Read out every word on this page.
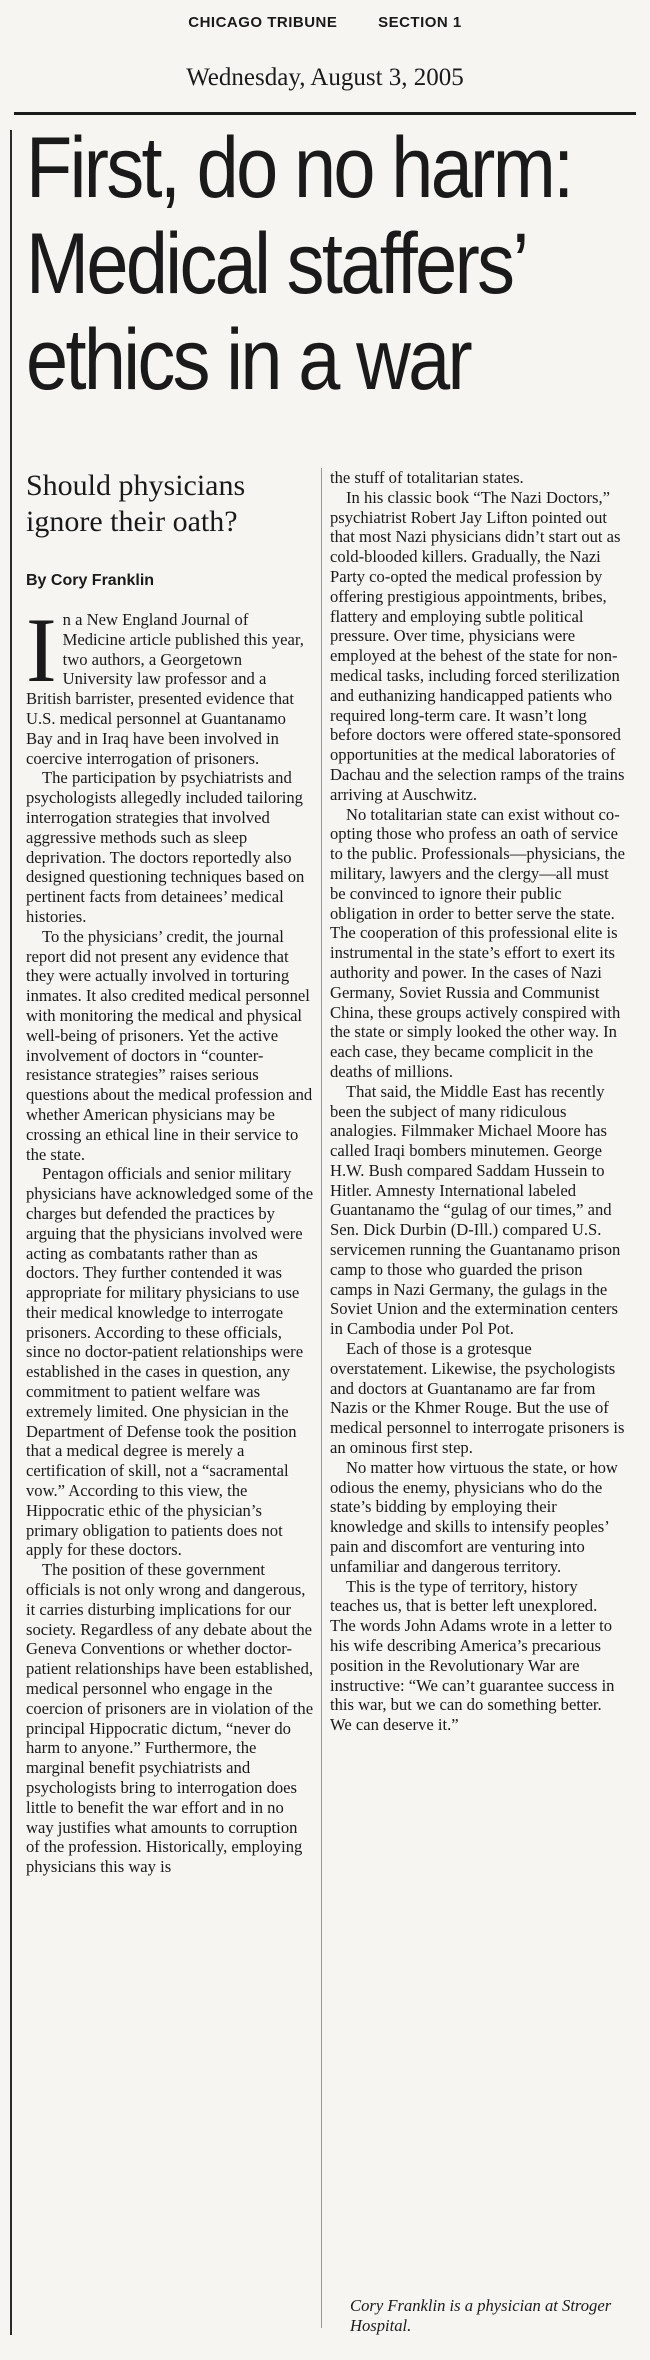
CHICAGO TRIBUNE	SECTION 1
Wednesday, August 3, 2005
First, do no harm:
Medical staffers’
ethics in a war
Should physicians ignore their oath?
By Cory Franklin

In a New England Journal of Medicine article published this year, two authors, a Georgetown University law professor and a British barrister, presented evidence that U.S. medical personnel at Guantanamo Bay and in Iraq have been involved in coercive interrogation of prisoners.

The participation by psychiatrists and psychologists allegedly included tailoring interrogation strategies that involved aggressive methods such as sleep deprivation. The doctors reportedly also designed questioning techniques based on pertinent facts from detainees’ medical histories.

To the physicians’ credit, the journal report did not present any evidence that they were actually involved in torturing inmates. It also credited medical personnel with monitoring the medical and physical well-being of prisoners. Yet the active involvement of doctors in “counter-resistance strategies” raises serious questions about the medical profession and whether American physicians may be crossing an ethical line in their service to the state.

Pentagon officials and senior military physicians have acknowledged some of the charges but defended the practices by arguing that the physicians involved were acting as combatants rather than as doctors. They further contended it was appropriate for military physicians to use their medical knowledge to interrogate prisoners. According to these officials, since no doctor-patient relationships were established in the cases in question, any commitment to patient welfare was extremely limited. One physician in the Department of Defense took the position that a medical degree is merely a certification of skill, not a “sacramental vow.” According to this view, the Hippocratic ethic of the physician’s primary obligation to patients does not apply for these doctors.

The position of these government officials is not only wrong and dangerous, it carries disturbing implications for our society. Regardless of any debate about the Geneva Conventions or whether doctor-patient relationships have been established, medical personnel who engage in the coercion of prisoners are in violation of the principal Hippocratic dictum, “never do harm to anyone.” Furthermore, the marginal benefit psychiatrists and psychologists bring to interrogation does little to benefit the war effort and in no way justifies what amounts to corruption of the profession. Historically, employing physicians this way is

the stuff of totalitarian states.

In his classic book “The Nazi Doctors,” psychiatrist Robert Jay Lifton pointed out that most Nazi physicians didn’t start out as cold-blooded killers. Gradually, the Nazi Party co-opted the medical profession by offering prestigious appointments, bribes, flattery and employing subtle political pressure. Over time, physicians were employed at the behest of the state for non-medical tasks, including forced sterilization and euthanizing handicapped patients who required long-term care. It wasn’t long before doctors were offered state-sponsored opportunities at the medical laboratories of Dachau and the selection ramps of the trains arriving at Auschwitz.

No totalitarian state can exist without co-opting those who profess an oath of service to the public. Professionals—physicians, the military, lawyers and the clergy—all must be convinced to ignore their public obligation in order to better serve the state. The cooperation of this professional elite is instrumental in the state’s effort to exert its authority and power. In the cases of Nazi Germany, Soviet Russia and Communist China, these groups actively conspired with the state or simply looked the other way. In each case, they became complicit in the deaths of millions.

That said, the Middle East has recently been the subject of many ridiculous analogies. Filmmaker Michael Moore has called Iraqi bombers minutemen. George H.W. Bush compared Saddam Hussein to Hitler. Amnesty International labeled Guantanamo the “gulag of our times,” and Sen. Dick Durbin (D-Ill.) compared U.S. servicemen running the Guantanamo prison camp to those who guarded the prison camps in Nazi Germany, the gulags in the Soviet Union and the extermination centers in Cambodia under Pol Pot.

Each of those is a grotesque overstatement. Likewise, the psychologists and doctors at Guantanamo are far from Nazis or the Khmer Rouge. But the use of medical personnel to interrogate prisoners is an ominous first step.

No matter how virtuous the state, or how odious the enemy, physicians who do the state’s bidding by employing their knowledge and skills to intensify peoples’ pain and discomfort are venturing into unfamiliar and dangerous territory.

This is the type of territory, history teaches us, that is better left unexplored. The words John Adams wrote in a letter to his wife describing America’s precarious position in the Revolutionary War are instructive: “We can’t guarantee success in this war, but we can do something better. We can deserve it.”

Cory Franklin is a physician at Stroger Hospital.
